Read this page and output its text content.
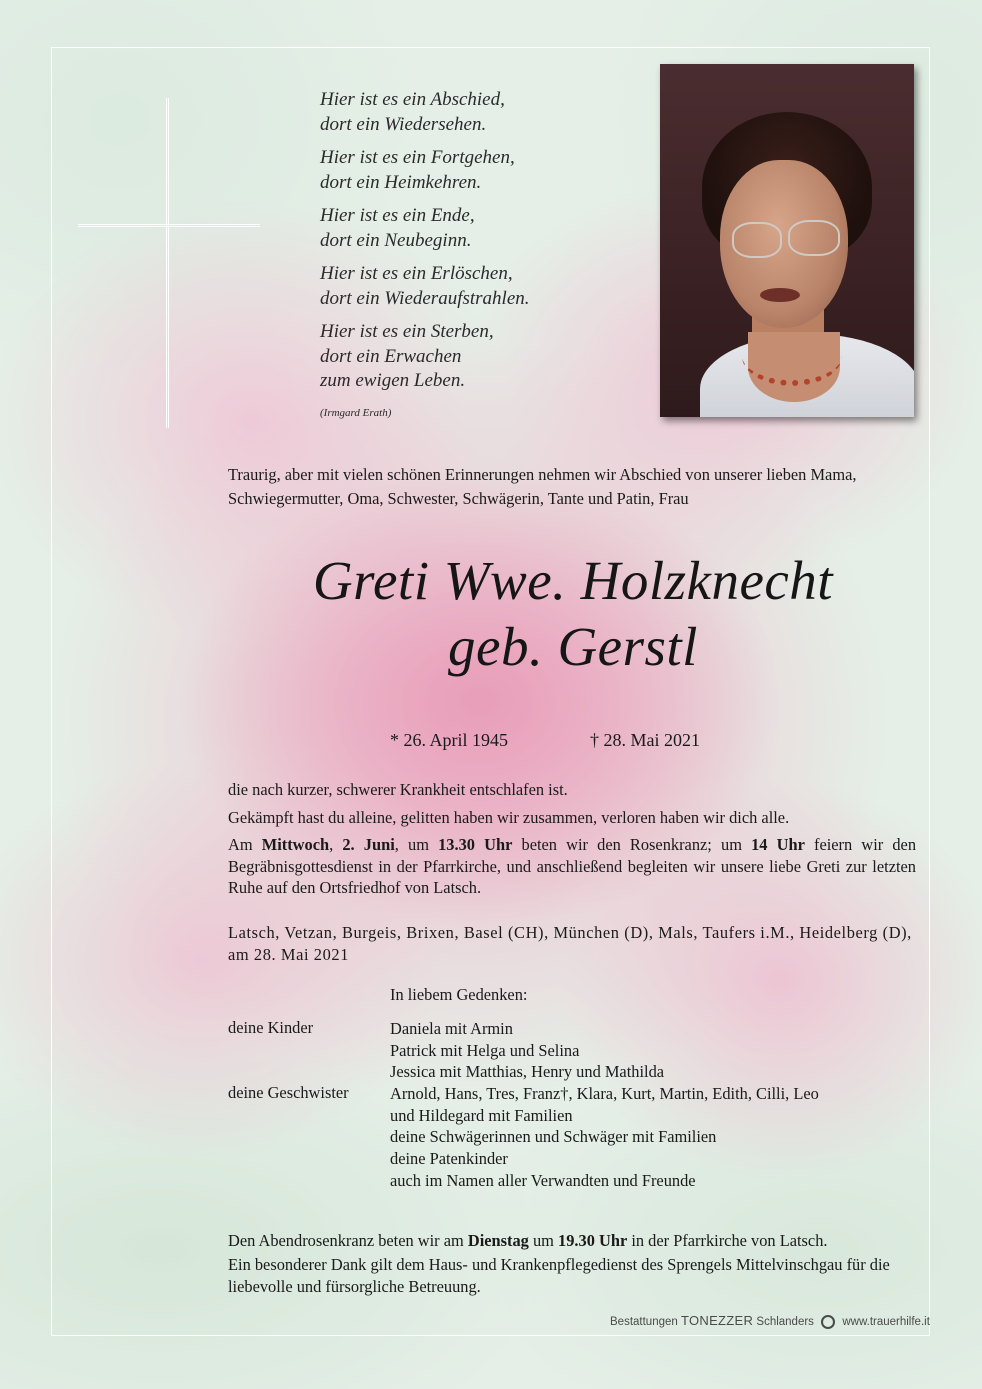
Hier ist es ein Abschied,
dort ein Wiedersehen.
Hier ist es ein Fortgehen,
dort ein Heimkehren.
Hier ist es ein Ende,
dort ein Neubeginn.
Hier ist es ein Erlöschen,
dort ein Wiederaufstrahlen.
Hier ist es ein Sterben,
dort ein Erwachen
zum ewigen Leben.
(Irmgard Erath)
Traurig, aber mit vielen schönen Erinnerungen nehmen wir Abschied von unserer lieben Mama, Schwiegermutter, Oma, Schwester, Schwägerin, Tante und Patin, Frau
Greti Wwe. Holzknecht
geb. Gerstl
* 26. April 1945	† 28. Mai 2021

die nach kurzer, schwerer Krankheit entschlafen ist.

Gekämpft hast du alleine, gelitten haben wir zusammen, verloren haben wir dich alle.

Am Mittwoch, 2. Juni, um 13.30 Uhr beten wir den Rosenkranz; um 14 Uhr feiern wir den Begräbnisgottesdienst in der Pfarrkirche, und anschließend begleiten wir unsere liebe Greti zur letzten Ruhe auf den Ortsfriedhof von Latsch.

Latsch, Vetzan, Burgeis, Brixen, Basel (CH), München (D), Mals, Taufers i.M., Heidelberg (D), am 28. Mai 2021
In liebem Gedenken:
deine Kinder	Daniela mit Armin
Patrick mit Helga und Selina
Jessica mit Matthias, Henry und Mathilda
deine Geschwister	Arnold, Hans, Tres, Franz†, Klara, Kurt, Martin, Edith, Cilli, Leo
und Hildegard mit Familien
deine Schwägerinnen und Schwäger mit Familien
deine Patenkinder
auch im Namen aller Verwandten und Freunde

Den Abendrosenkranz beten wir am Dienstag um 19.30 Uhr in der Pfarrkirche von Latsch.

Ein besonderer Dank gilt dem Haus- und Krankenpflegedienst des Sprengels Mittelvinschgau für die liebevolle und fürsorgliche Betreuung.

Bestattungen TONEZZER Schlanders www.trauerhilfe.it
